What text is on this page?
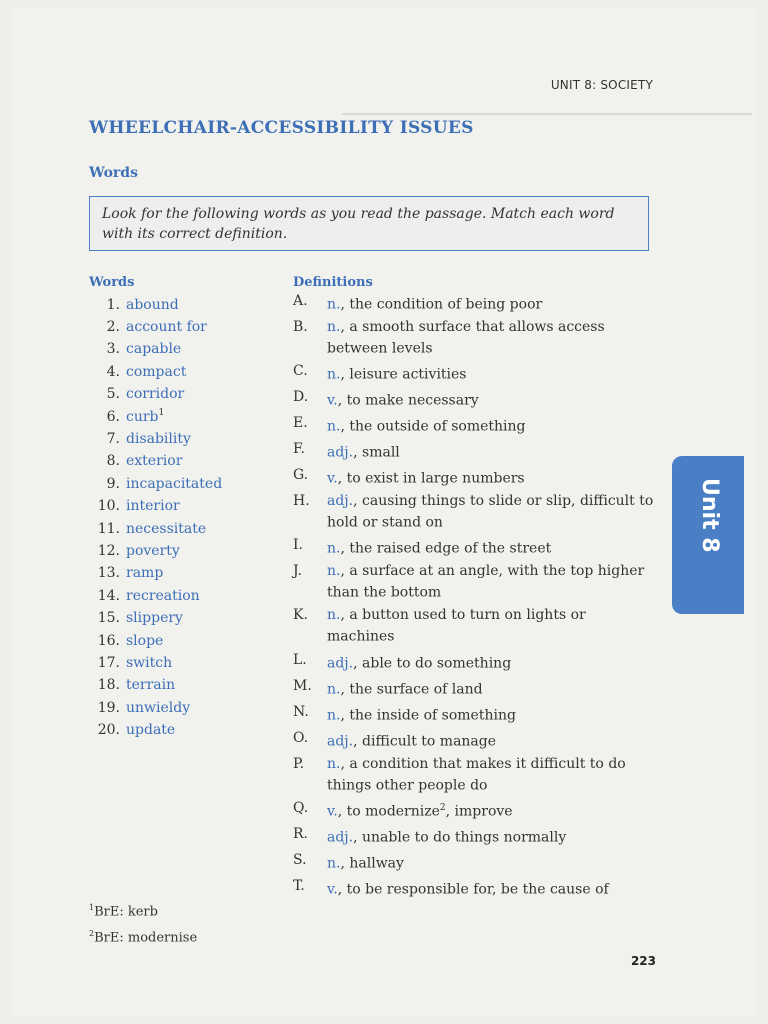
▁▁▁▁▁▁▁▁▁▁▁▁▁▁▁▁▁▁▁▁▁▁▁▁▁▁▁▁▁▁▁▁▁▁▁▁▁▁▁▁▁
UNIT 8: SOCIETY
WHEELCHAIR-ACCESSIBILITY ISSUES
Words
Look for the following words as you read the passage. Match each word with its correct definition.
Words	Definitions
1. abound
2. account for
3. capable
4. compact
5. corridor
6. curb$^1$
7. disability
8. exterior
9. incapacitated
10. interior
11. necessitate
12. poverty
13. ramp
14. recreation
15. slippery
16. slope
17. switch
18. terrain
19. unwieldy
20. update
A. n., the condition of being poor
B. n., a smooth surface that allows access between levels
C. n., leisure activities
D. v., to make necessary
E. n., the outside of something
F. adj., small
G. v., to exist in large numbers
H. adj., causing things to slide or slip, difficult to hold or stand on
I. n., the raised edge of the street
J. n., a surface at an angle, with the top higher than the bottom
K. n., a button used to turn on lights or machines
L. adj., able to do something
M. n., the surface of land
N. n., the inside of something
O. adj., difficult to manage
P. n., a condition that makes it difficult to do things other people do
Q. v., to modernize$^2$, improve
R. adj., unable to do things normally
S. n., hallway
T. v., to be responsible for, be the cause of
Unit 8
$^1$BrE: kerb
$^2$BrE: modernise
223
